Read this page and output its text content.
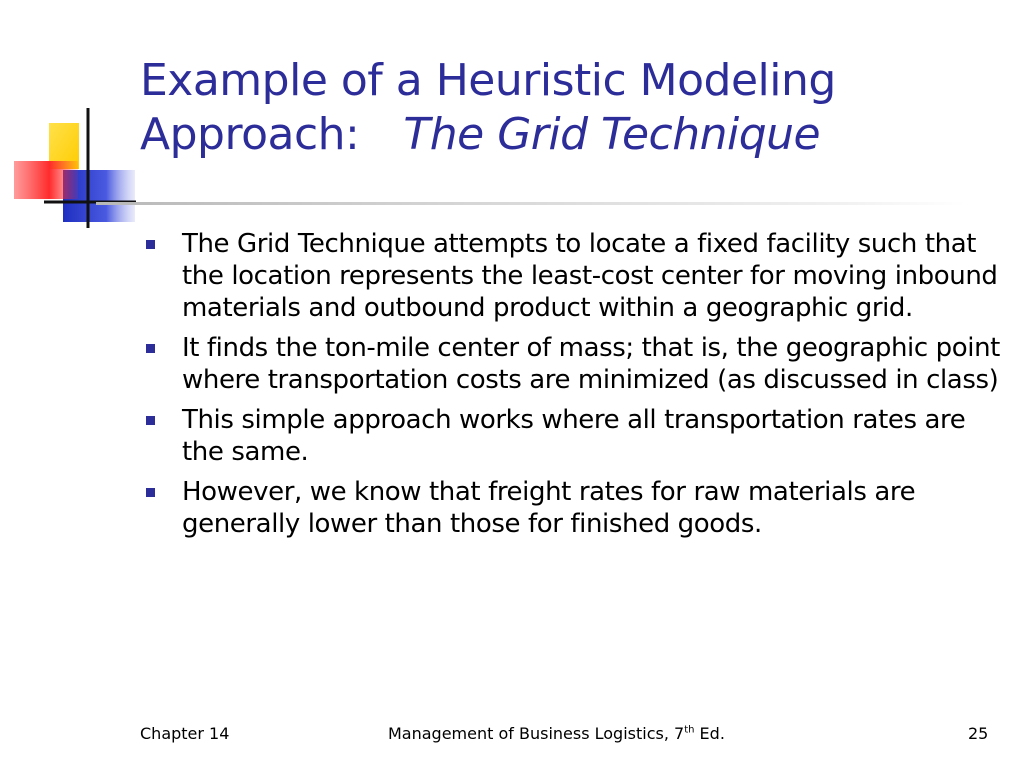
Example of a Heuristic Modeling
Approach: The Grid Technique
The Grid Technique attempts to locate a fixed facility such that the location represents the least-cost center for moving inbound materials and outbound product within a geographic grid.
It finds the ton-mile center of mass; that is, the geographic point where transportation costs are minimized (as discussed in class)
This simple approach works where all transportation rates are the same.
However, we know that freight rates for raw materials are generally lower than those for finished goods.
Chapter 14	Management of Business Logistics, 7th Ed.	25
